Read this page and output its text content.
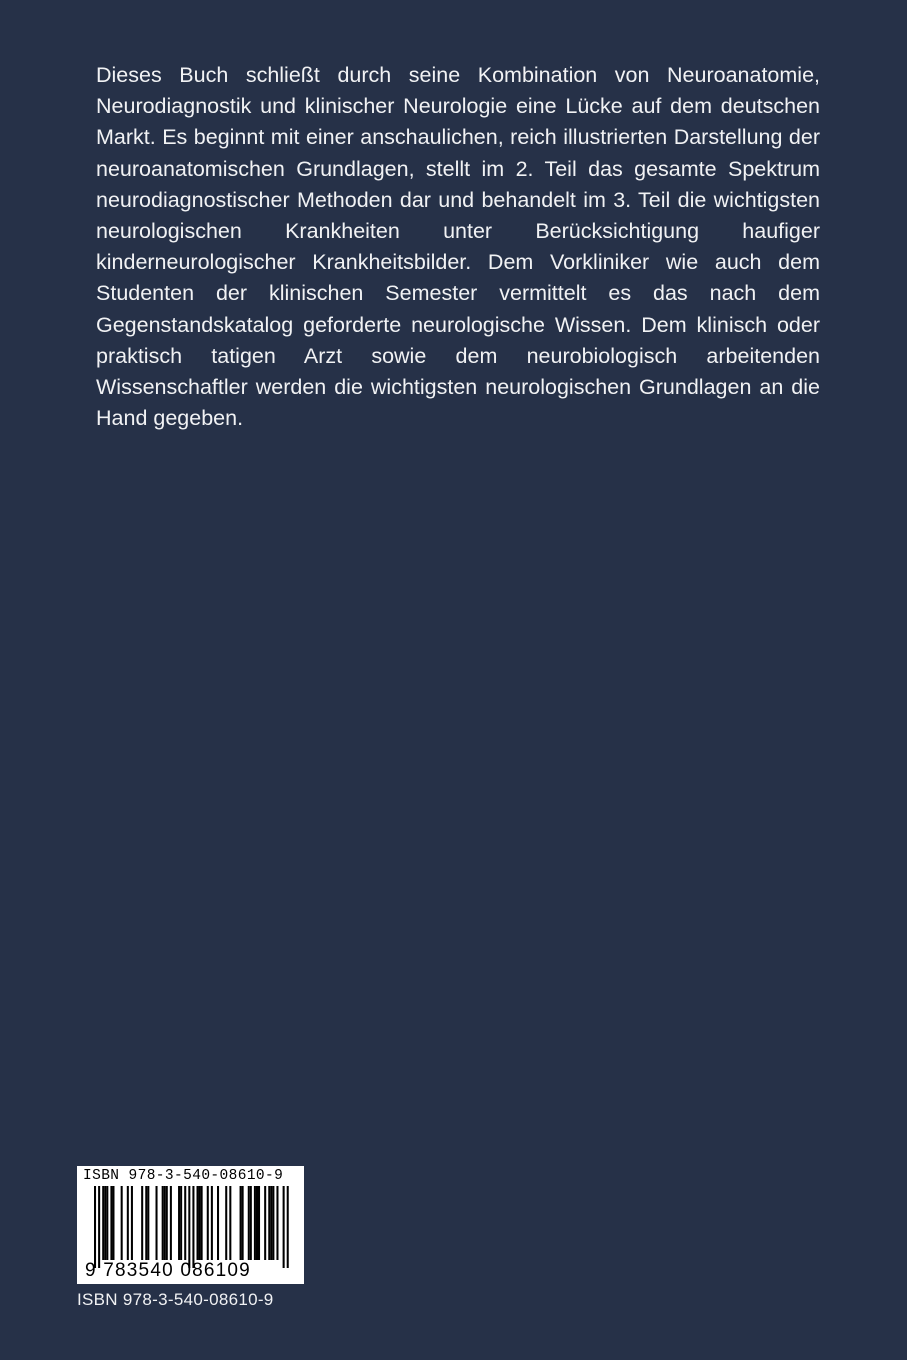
Dieses Buch schließt durch seine Kombination von Neuroanatomie, Neurodiagnostik und klinischer Neurologie eine Lücke auf dem deutschen Markt. Es beginnt mit einer anschaulichen, reich illustrierten Darstellung der neuroanatomischen Grundlagen, stellt im 2. Teil das gesamte Spektrum neurodiagnostischer Methoden dar und behandelt im 3. Teil die wichtigsten neurologischen Krankheiten unter Berücksichtigung haufiger kinderneurologischer Krankheitsbilder. Dem Vorkliniker wie auch dem Studenten der klinischen Semester vermittelt es das nach dem Gegenstandskatalog geforderte neurologische Wissen. Dem klinisch oder praktisch tatigen Arzt sowie dem neurobiologisch arbeitenden Wissenschaftler werden die wichtigsten neurologischen Grundlagen an die Hand gegeben.

ISBN 978-3-540-08610-9
9 783540 086109
ISBN 978-3-540-08610-9
